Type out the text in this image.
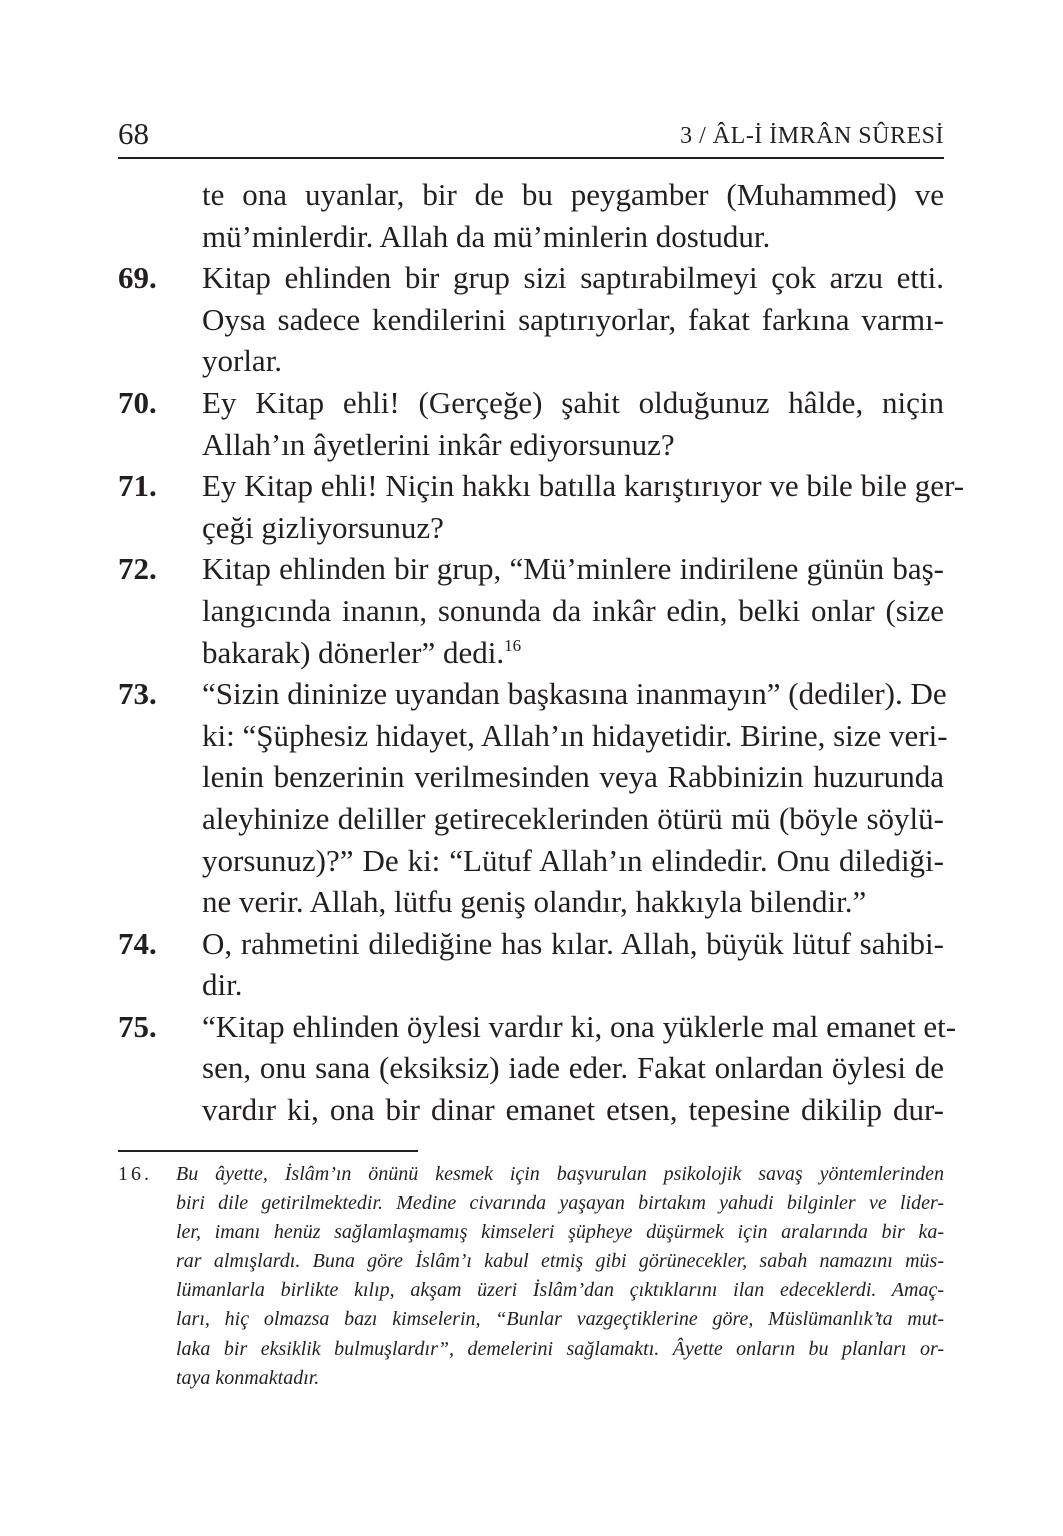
68	3 / ÂL-İ İMRÂN SÛRESİ
te ona uyanlar, bir de bu peygamber (Muhammed) ve
mü’minlerdir. Allah da mü’minlerin dostudur.
69. Kitap ehlinden bir grup sizi saptırabilmeyi çok arzu etti.
Oysa sadece kendilerini saptırıyorlar, fakat farkına varmı-
yorlar.
70. Ey Kitap ehli! (Gerçeğe) şahit olduğunuz hâlde, niçin
Allah’ın âyetlerini inkâr ediyorsunuz?
71. Ey Kitap ehli! Niçin hakkı batılla karıştırıyor ve bile bile ger-
çeği gizliyorsunuz?
72. Kitap ehlinden bir grup, “Mü’minlere indirilene günün baş-
langıcında inanın, sonunda da inkâr edin, belki onlar (size
bakarak) dönerler” dedi.$^{16}$
73. “Sizin dininize uyandan başkasına inanmayın” (dediler). De
ki: “Şüphesiz hidayet, Allah’ın hidayetidir. Birine, size veri-
lenin benzerinin verilmesinden veya Rabbinizin huzurunda
aleyhinize deliller getireceklerinden ötürü mü (böyle söylü-
yorsunuz)?” De ki: “Lütuf Allah’ın elindedir. Onu dilediği-
ne verir. Allah, lütfu geniş olandır, hakkıyla bilendir.”
74. O, rahmetini dilediğine has kılar. Allah, büyük lütuf sahibi-
dir.
75. “Kitap ehlinden öylesi vardır ki, ona yüklerle mal emanet et-
sen, onu sana (eksiksiz) iade eder. Fakat onlardan öylesi de
vardır ki, ona bir dinar emanet etsen, tepesine dikilip dur-
16. Bu âyette, İslâm’ın önünü kesmek için başvurulan psikolojik savaş yöntemlerinden
biri dile getirilmektedir. Medine civarında yaşayan birtakım yahudi bilginler ve lider-
ler, imanı henüz sağlamlaşmamış kimseleri şüpheye düşürmek için aralarında bir ka-
rar almışlardı. Buna göre İslâm’ı kabul etmiş gibi görünecekler, sabah namazını müs-
lümanlarla birlikte kılıp, akşam üzeri İslâm’dan çıktıklarını ilan edeceklerdi. Amaç-
ları, hiç olmazsa bazı kimselerin, “Bunlar vazgeçtiklerine göre, Müslümanlık’ta mut-
laka bir eksiklik bulmuşlardır”, demelerini sağlamaktı. Âyette onların bu planları or-
taya konmaktadır.
